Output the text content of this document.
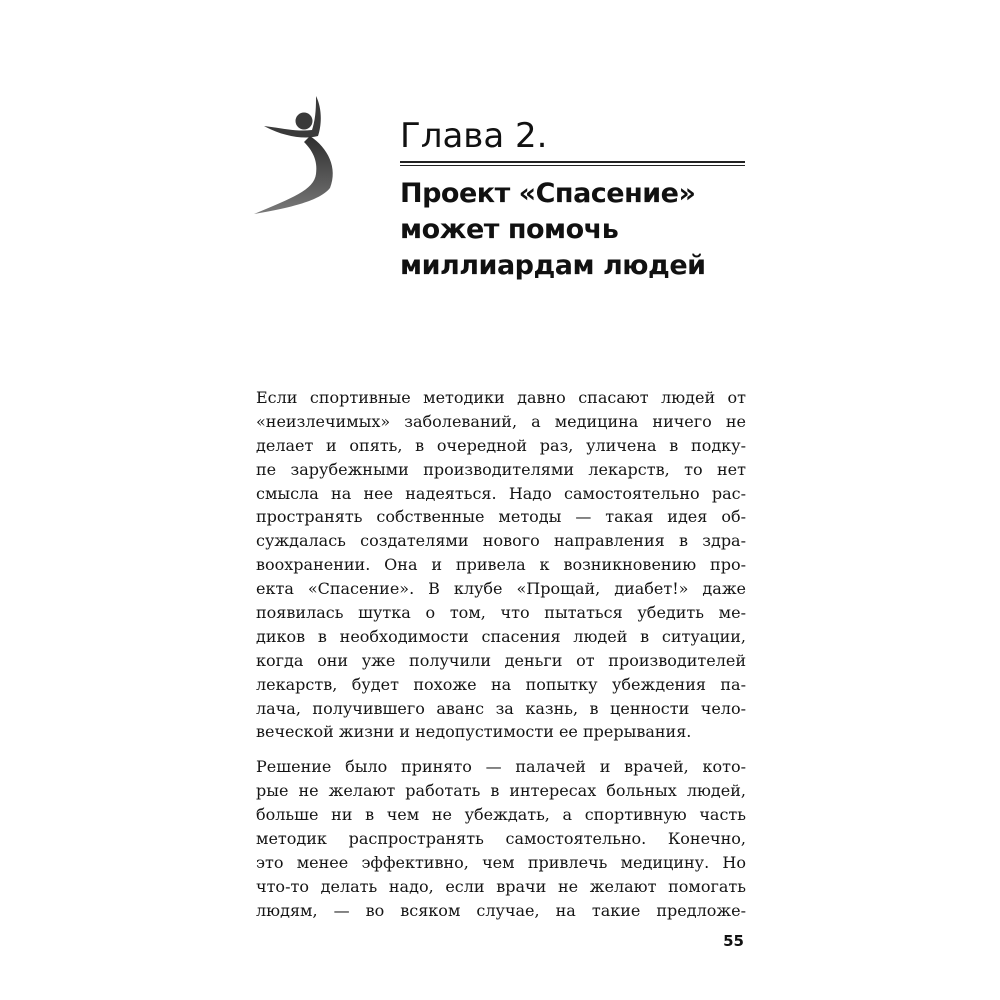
Глава 2.
Проект «Спасение»
может помочь
миллиардам людей
Если спортивные методики давно спасают людей от
«неизлечимых» заболеваний, а медицина ничего не
делает и опять, в очередной раз, уличена в подку-
пе зарубежными производителями лекарств, то нет
смысла на нее надеяться. Надо самостоятельно рас-
пространять собственные методы — такая идея об-
суждалась создателями нового направления в здра-
воохранении. Она и привела к возникновению про-
екта «Спасение». В клубе «Прощай, диабет!» даже
появилась шутка о том, что пытаться убедить ме-
диков в необходимости спасения людей в ситуации,
когда они уже получили деньги от производителей
лекарств, будет похоже на попытку убеждения па-
лача, получившего аванс за казнь, в ценности чело-
веческой жизни и недопустимости ее прерывания.
Решение было принято — палачей и врачей, кото-
рые не желают работать в интересах больных людей,
больше ни в чем не убеждать, а спортивную часть
методик распространять самостоятельно. Конечно,
это менее эффективно, чем привлечь медицину. Но
что-то делать надо, если врачи не желают помогать
людям, — во всяком случае, на такие предложе-
55
